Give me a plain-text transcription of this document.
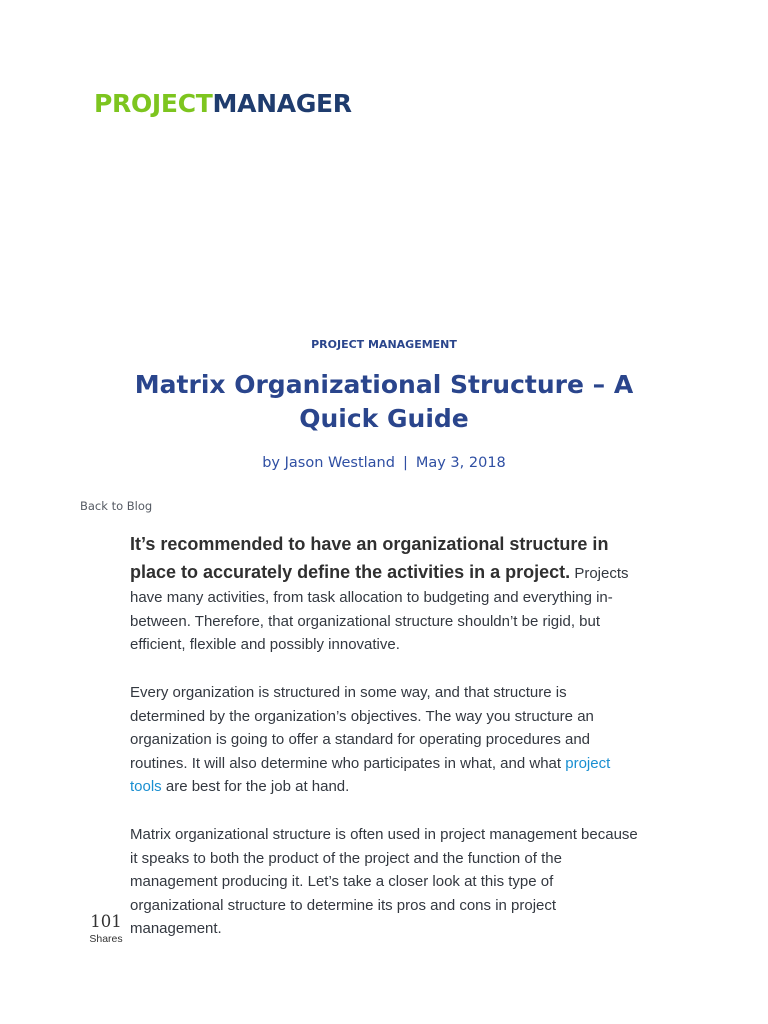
PROJECTMANAGER
PROJECT MANAGEMENT
Matrix Organizational Structure – A Quick Guide
by Jason Westland | May 3, 2018
Back to Blog

It’s recommended to have an organizational structure in place to accurately define the activities in a project. Projects have many activities, from task allocation to budgeting and everything in-between. Therefore, that organizational structure shouldn’t be rigid, but efficient, flexible and possibly innovative.

Every organization is structured in some way, and that structure is determined by the organization’s objectives. The way you structure an organization is going to offer a standard for operating procedures and routines. It will also determine who participates in what, and what project tools are best for the job at hand.

Matrix organizational structure is often used in project management because it speaks to both the product of the project and the function of the management producing it. Let’s take a closer look at this type of organizational structure to determine its pros and cons in project management.

101
Shares
